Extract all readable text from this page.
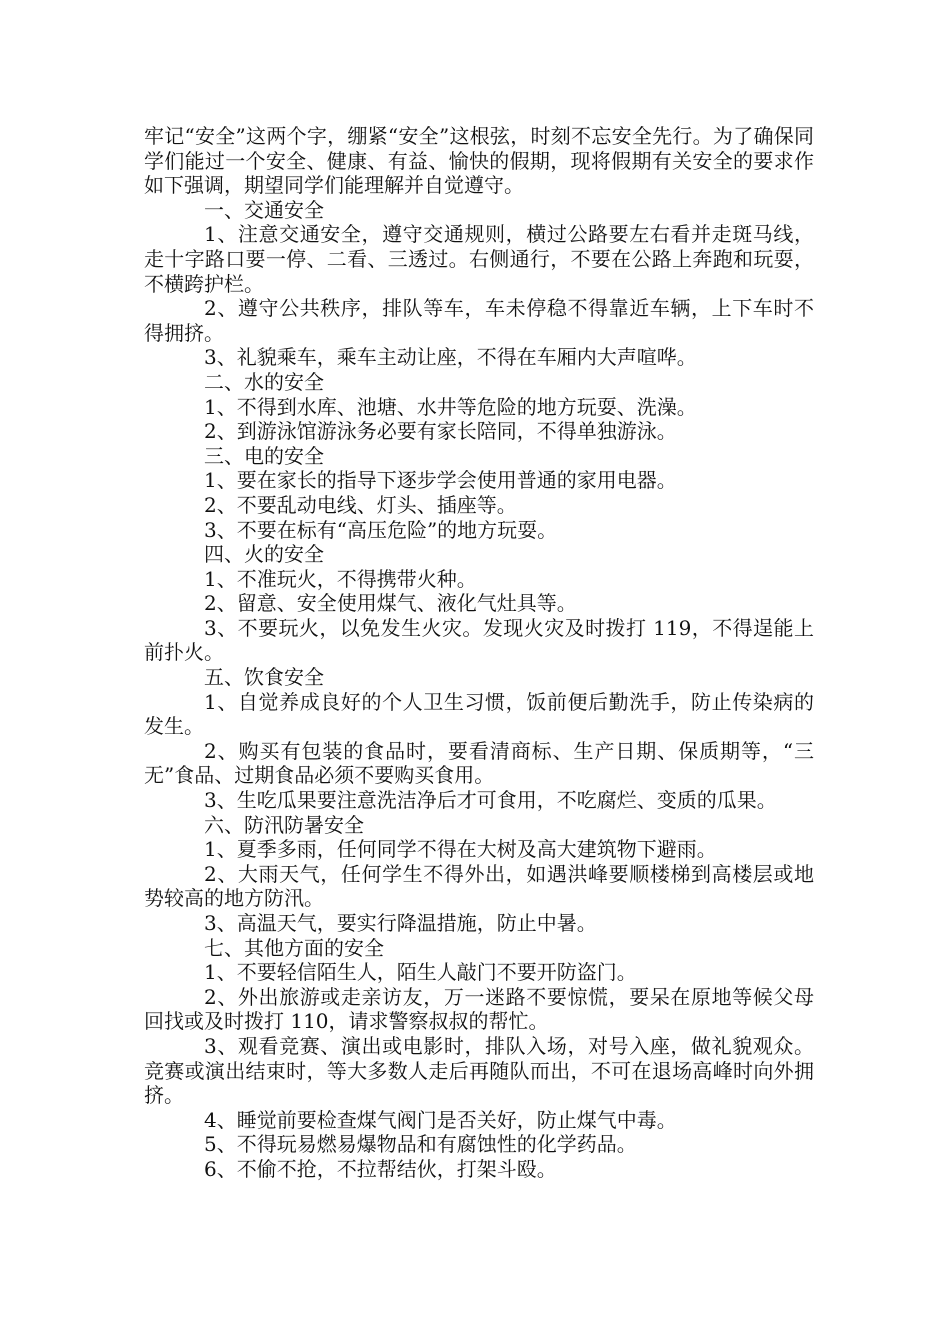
牢记“安全”这两个字，绷紧“安全”这根弦，时刻不忘安全先行。为了确保同学们能过一个安全、健康、有益、愉快的假期，现将假期有关安全的要求作如下强调，期望同学们能理解并自觉遵守。

一、交通安全

1、注意交通安全，遵守交通规则，横过公路要左右看并走斑马线，走十字路口要一停、二看、三透过。右侧通行，不要在公路上奔跑和玩耍，不横跨护栏。

2、遵守公共秩序，排队等车，车未停稳不得靠近车辆，上下车时不得拥挤。

3、礼貌乘车，乘车主动让座，不得在车厢内大声喧哗。

二、水的安全

1、不得到水库、池塘、水井等危险的地方玩耍、洗澡。

2、到游泳馆游泳务必要有家长陪同，不得单独游泳。

三、电的安全

1、要在家长的指导下逐步学会使用普通的家用电器。

2、不要乱动电线、灯头、插座等。

3、不要在标有“高压危险”的地方玩耍。

四、火的安全

1、不准玩火，不得携带火种。

2、留意、安全使用煤气、液化气灶具等。

3、不要玩火，以免发生火灾。发现火灾及时拨打 119，不得逞能上前扑火。

五、饮食安全

1、自觉养成良好的个人卫生习惯，饭前便后勤洗手，防止传染病的发生。

2、购买有包装的食品时，要看清商标、生产日期、保质期等，“三无”食品、过期食品必须不要购买食用。

3、生吃瓜果要注意洗洁净后才可食用，不吃腐烂、变质的瓜果。

六、防汛防暑安全

1、夏季多雨，任何同学不得在大树及高大建筑物下避雨。

2、大雨天气，任何学生不得外出，如遇洪峰要顺楼梯到高楼层或地势较高的地方防汛。

3、高温天气，要实行降温措施，防止中暑。

七、其他方面的安全

1、不要轻信陌生人，陌生人敲门不要开防盗门。

2、外出旅游或走亲访友，万一迷路不要惊慌，要呆在原地等候父母回找或及时拨打 110，请求警察叔叔的帮忙。

3、观看竞赛、演出或电影时，排队入场，对号入座，做礼貌观众。竞赛或演出结束时，等大多数人走后再随队而出，不可在退场高峰时向外拥挤。

4、睡觉前要检查煤气阀门是否关好，防止煤气中毒。

5、不得玩易燃易爆物品和有腐蚀性的化学药品。

6、不偷不抢，不拉帮结伙，打架斗殴。
